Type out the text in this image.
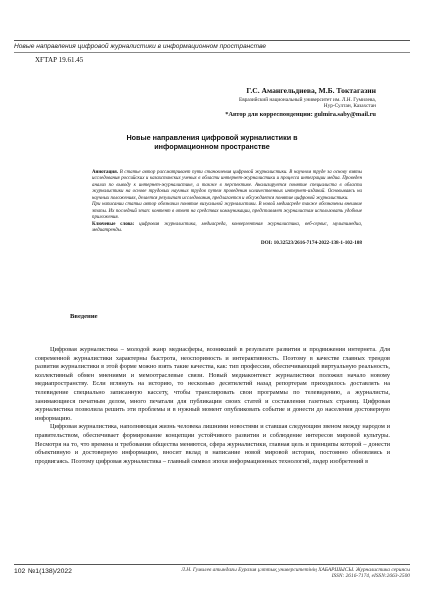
Новые направления цифровой журналистики в информационном пространстве
ХҒТАР 19.61.45
Г.С. Амангельдиева, М.Б. Токтагазин
Евразийский национальный университет им. Л.Н. Гумилева,
Нур-Султан, Казахстан
*Автор для корреспонденции: gulmira.saby@mail.ru
Новые направления цифровой журналистики в
информационном пространстве

Аннотация. В статье автор рассматривает пути становления цифровой журналистики. В научном труде за основу взяты исследования российских и казахстанских ученых в области интернет-журналистики и процесса интеграции медиа. Проведен анализ по выводу к интернет-журналистике, а также в перспективе. Анализируется понятие специалиста в области журналистики на основе трудовых научных трудов путем проведения количественных интернет-изданий. Основываясь на научных положениях, делается результат исследования, предлагается и обсуждается понятие цифровой журналистики.

При написании статьи автор обозначил понятие визуальной журналистики. В новой медиасреде также обозначены внешние этапы. Их последний этап: контент в ответ на средствах коммуникации, представляет журналистам использовать удобные приложения.

Ключевые слова: цифровая журналистика, медиасреда, конвергентная журналистика, веб-сервис, мультимедиа, медиатренды.

DOI: 10.32523/2616-7174-2022-138-1-102-108
Введение

Цифровая журналистика – молодой жанр медиасферы, возникший в результате развития и продвижения интернета. Для современной журналистики характерны быстрота, неоспоримость и интерактивность. Поэтому в качестве главных трендов развития журналистики в этой форме можно взять такие качества, как: тип профессии, обеспечивающий виртуальную реальность, коллективный обмен мнениями и мемоотраслевые связи. Новый медиаконтекст журналистики положил начало новому медиапространству. Если вглянуть на историю, то несколько десятилетий назад репортерам приходилось доставлять на телевидение специально записанную кассету, чтобы транслировать свои программы по телевидению, а журналисты, занимающиеся печатным делом, много печатали для публикации своих статей и составления газетных страниц. Цифровая журналистика позволила решить эти проблемы и в нужный момент опубликовать событие и донести до населения достоверную информацию.

Цифровая журналистика, наполняющая жизнь человека лишними новостями и ставшая следующим звеном между народом и правительством, обеспечивает формирование концепции устойчивого развития и соблюдение интересов мировой культуры. Несмотря на то, что времена и требования общества меняются, сфера журналистики, главная цель и принципы которой – донести объективную и достоверную информацию, вносит вклад в написание новой мировой истории, постоянно обновляясь и продвигаясь. Поэтому цифровая журналистика – главный символ эпохи информационных технологий, лидер изобретений в

102 №1(138)/2022	Л.Н. Гумилев атындағы Еуразия ұлттық университетінің ХАБАРШЫСЫ. Журналистика сериясы
ISSN: 2616-7174, eISSN:2663-2500
